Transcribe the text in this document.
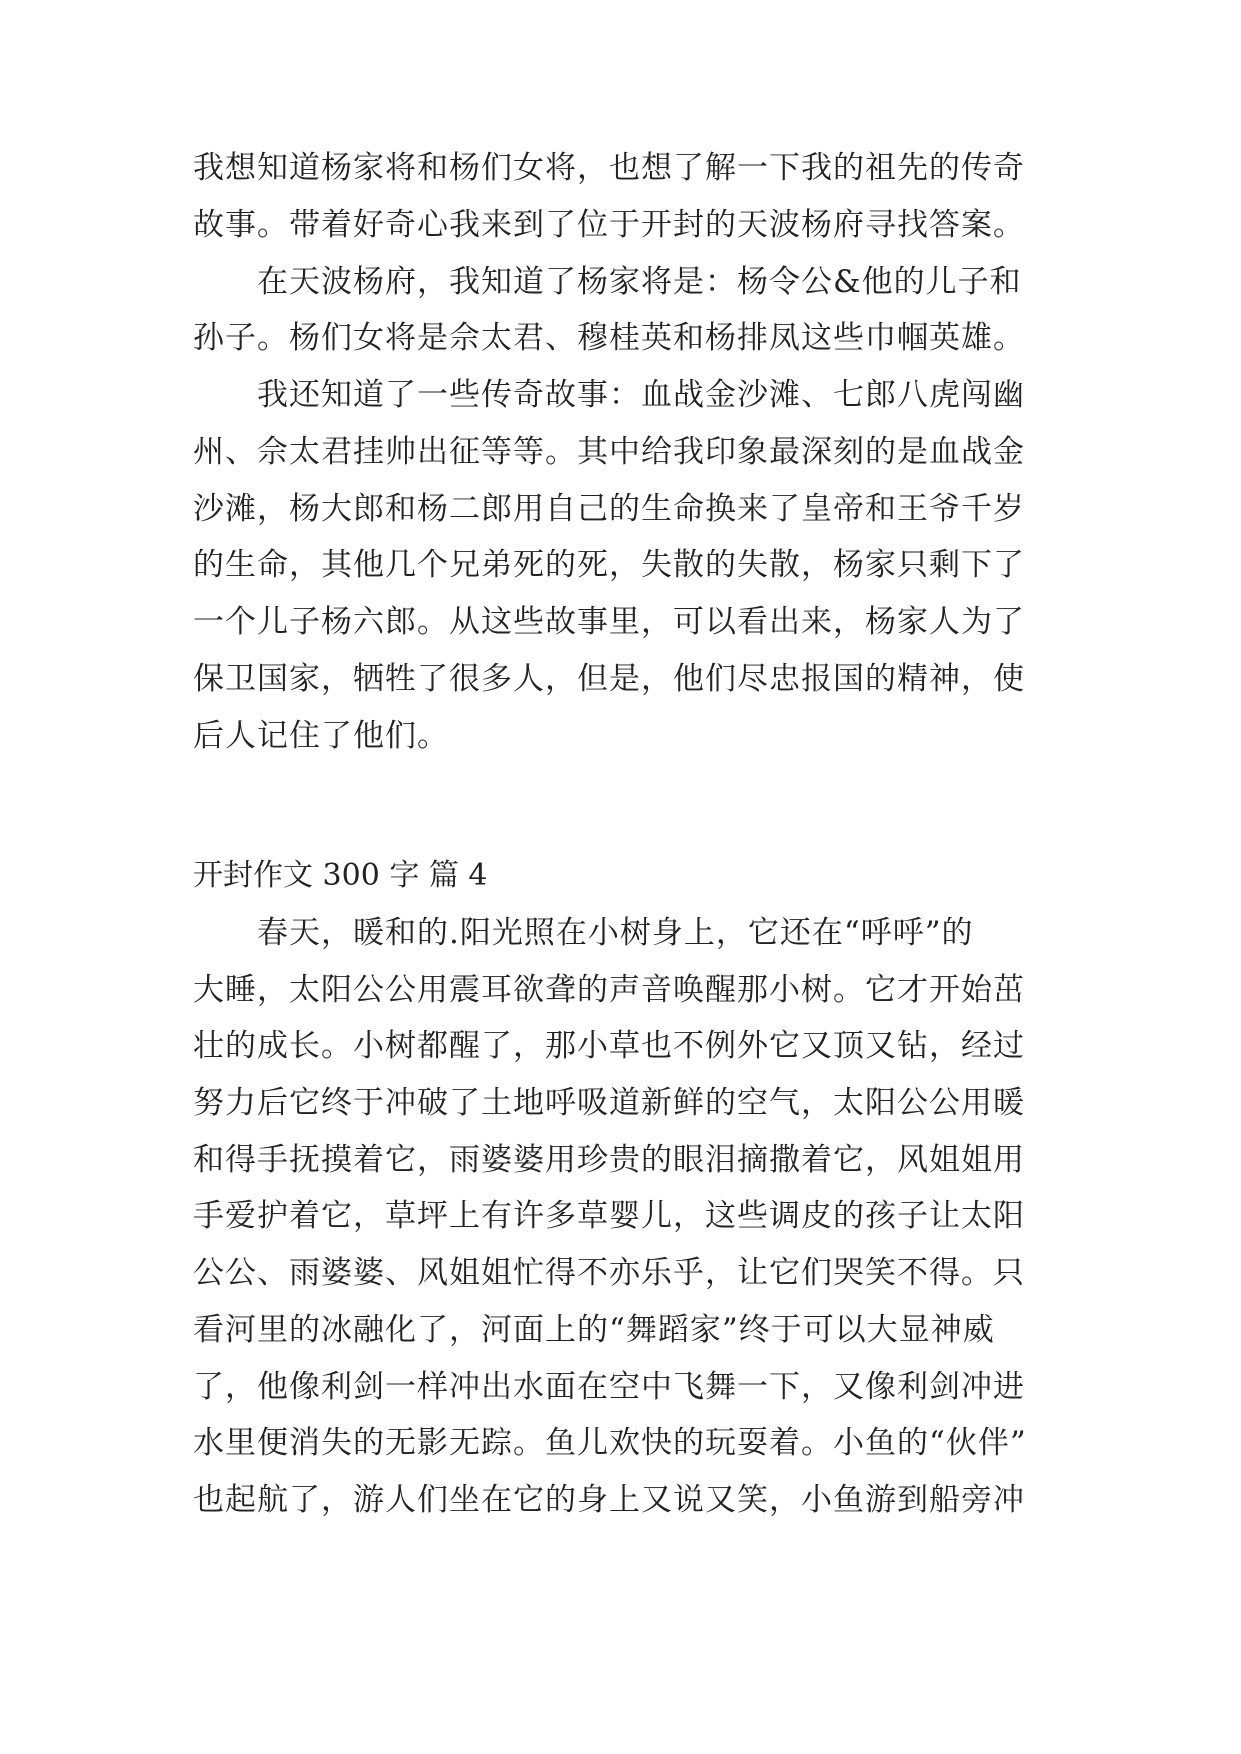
我想知道杨家将和杨们女将，也想了解一下我的祖先的传奇
故事。带着好奇心我来到了位于开封的天波杨府寻找答案。
　　在天波杨府，我知道了杨家将是：杨令公&他的儿子和
孙子。杨们女将是佘太君、穆桂英和杨排凤这些巾帼英雄。
　　我还知道了一些传奇故事：血战金沙滩、七郎八虎闯幽
州、佘太君挂帅出征等等。其中给我印象最深刻的是血战金
沙滩，杨大郎和杨二郎用自己的生命换来了皇帝和王爷千岁
的生命，其他几个兄弟死的死，失散的失散，杨家只剩下了
一个儿子杨六郎。从这些故事里，可以看出来，杨家人为了
保卫国家，牺牲了很多人，但是，他们尽忠报国的精神，使
后人记住了他们。
开封作文 300 字 篇 4
　　春天，暖和的.阳光照在小树身上，它还在“呼呼”的
大睡，太阳公公用震耳欲聋的声音唤醒那小树。它才开始茁
壮的成长。小树都醒了，那小草也不例外它又顶又钻，经过
努力后它终于冲破了土地呼吸道新鲜的空气，太阳公公用暖
和得手抚摸着它，雨婆婆用珍贵的眼泪摘撒着它，风姐姐用
手爱护着它，草坪上有许多草婴儿，这些调皮的孩子让太阳
公公、雨婆婆、风姐姐忙得不亦乐乎，让它们哭笑不得。只
看河里的冰融化了，河面上的“舞蹈家”终于可以大显神威
了，他像利剑一样冲出水面在空中飞舞一下，又像利剑冲进
水里便消失的无影无踪。鱼儿欢快的玩耍着。小鱼的“伙伴”
也起航了，游人们坐在它的身上又说又笑，小鱼游到船旁冲
